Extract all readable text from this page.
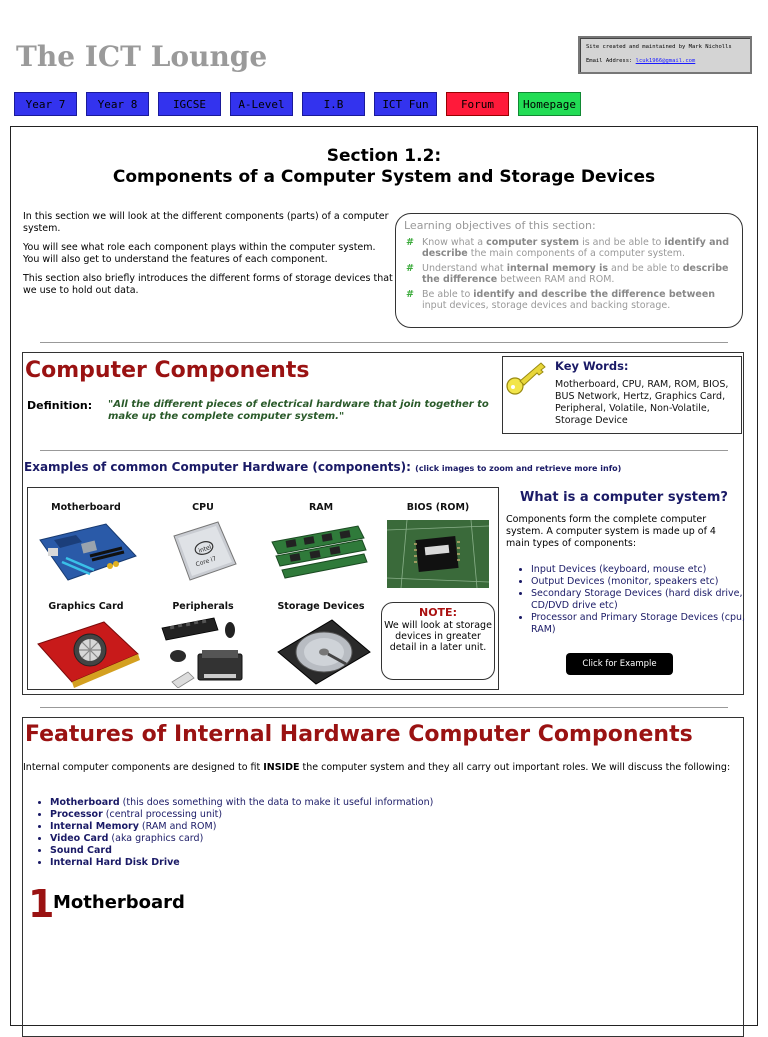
The ICT Lounge	Site created and maintained by Mark Nicholls
Email Address: lcuk1966@gmail.com
Year 7	Year 8	IGCSE	A-Level	I.B	ICT Fun	Forum	Homepage
Section 1.2:
Components of a Computer System and Storage Devices

In this section we will look at the different components (parts) of a computer system.

You will see what role each component plays within the computer system. You will also get to understand the features of each component.

This section also briefly introduces the different forms of storage devices that we use to hold out data.

Learning objectives of this section:
# Know what a computer system is and be able to identify and describe the main components of a computer system.
# Understand what internal memory is and be able to describe the difference between RAM and ROM.
# Be able to identify and describe the difference between input devices, storage devices and backing storage.
Computer Components
Definition: "All the different pieces of electrical hardware that join together to make up the complete computer system."
Key Words:
Motherboard, CPU, RAM, ROM, BIOS, BUS Network, Hertz, Graphics Card, Peripheral, Volatile, Non-Volatile, Storage Device
Examples of common Computer Hardware (components): (click images to zoom and retrieve more info)
Motherboard	CPU	RAM	BIOS (ROM)
Graphics Card	Peripherals	Storage Devices
intel
Core i7
NOTE:
We will look at storage devices in greater detail in a later unit.
What is a computer system?
Components form the complete computer system. A computer system is made up of 4 main types of components:
• Input Devices (keyboard, mouse etc)
• Output Devices (monitor, speakers etc)
• Secondary Storage Devices (hard disk drive, CD/DVD drive etc)
• Processor and Primary Storage Devices (cpu, RAM)
Click for Example
Features of Internal Hardware Computer Components
Internal computer components are designed to fit INSIDE the computer system and they all carry out important roles. We will discuss the following:
• Motherboard (this does something with the data to make it useful information)
• Processor (central processing unit)
• Internal Memory (RAM and ROM)
• Video Card (aka graphics card)
• Sound Card
• Internal Hard Disk Drive
1
Motherboard
